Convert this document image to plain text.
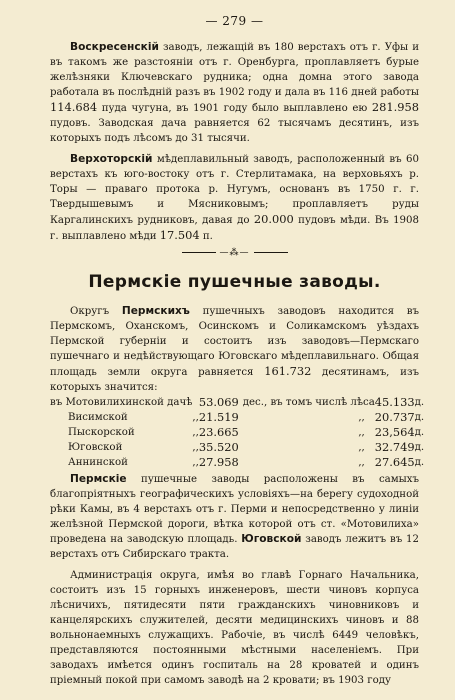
— 279 —

Воскресенскій заводъ, лежащій въ 180 верстахъ отъ г. Уфы и въ такомъ же разстояніи отъ г. Оренбурга, проплавляетъ бурые желѣзняки Ключевскаго рудника; одна домна этого завода работала въ послѣдній разъ въ 1902 году и дала въ 116 дней работы 114.684 пуда чугуна, въ 1901 году было выплавлено ею 281.958 пудовъ. Заводская дача равняется 62 тысячамъ десятинъ, изъ которыхъ подъ лѣсомъ до 31 тысячи.

Верхоторскій мѣдеплавильный заводъ, расположенный въ 60 верстахъ къ юго-востоку отъ г. Стерлитамака, на верховьяхъ р. Торы — праваго протока р. Нугумъ, основанъ въ 1750 г. г. Твердышевымъ и Мясниковымъ; проплавляетъ руды Каргалинскихъ рудниковъ, давая до 20.000 пудовъ мѣди. Въ 1908 г. выплавлено мѣди 17.504 п.

—⁂—
Пермскіе пушечные заводы.

Округъ Пермскихъ пушечныхъ заводовъ находится въ Пермскомъ, Оханскомъ, Осинскомъ и Соликамскомъ уѣздахъ Пермской губерніи и состоитъ изъ заводовъ—Пермскаго пушечнаго и недѣйствующаго Юговскаго мѣдеплавильнаго. Общая площадь земли округа равняется 161.732 десятинамъ, изъ которыхъ значится:

въ Мотовилихинской дачѣ		53.069	дес., въ томъ числѣ лѣса	45.133	д.
Висимской	,,	21.519	,,	20.737	д.
Пыскорской	,,	23.665	,,	23,564	д.
Юговской	,,	35.520	,,	32.749	д.
Аннинской	,,	27.958	,,	27.645	д.

Пермскіе пушечные заводы расположены въ самыхъ благопріятныхъ географическихъ условіяхъ—на берегу судоходной рѣки Камы, въ 4 верстахъ отъ г. Перми и непосредственно у линіи желѣзной Пермской дороги, вѣтка которой отъ ст. «Мотовилиха» проведена на заводскую площадь. Юговской заводъ лежитъ въ 12 верстахъ отъ Сибирскаго тракта.

Администрація округа, имѣя во главѣ Горнаго Начальника, состоитъ изъ 15 горныхъ инженеровъ, шести чиновъ корпуса лѣсничихъ, пятидесяти пяти гражданскихъ чиновниковъ и канцелярскихъ служителей, десяти медицинскихъ чиновъ и 88 вольнонаемныхъ служащихъ. Рабочіе, въ числѣ 6449 человѣкъ, представляются постоянными мѣстными населеніемъ. При заводахъ имѣется одинъ госпиталь на 28 кроватей и одинъ пріемный покой при самомъ заводѣ на 2 кровати; въ 1903 году
